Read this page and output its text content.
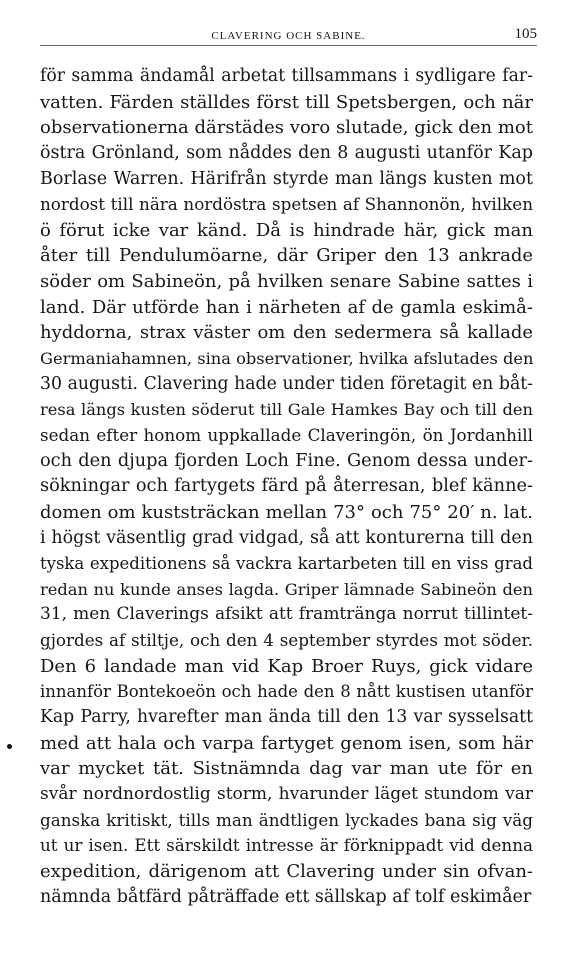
CLAVERING OCH SABINE.	105
för samma ändamål arbetat tillsammans i sydligare far-
vatten. Färden ställdes först till Spetsbergen, och när
observationerna därstädes voro slutade, gick den mot
östra Grönland, som nåddes den 8 augusti utanför Kap
Borlase Warren. Härifrån styrde man längs kusten mot
nordost till nära nordöstra spetsen af Shannonön, hvilken
ö förut icke var känd. Då is hindrade här, gick man
åter till Pendulumöarne, där Griper den 13 ankrade
söder om Sabineön, på hvilken senare Sabine sattes i
land. Där utförde han i närheten af de gamla eskimå-
hyddorna, strax väster om den sedermera så kallade
Germaniahamnen, sina observationer, hvilka afslutades den
30 augusti. Clavering hade under tiden företagit en båt-
resa längs kusten söderut till Gale Hamkes Bay och till den
sedan efter honom uppkallade Claveringön, ön Jordanhill
och den djupa fjorden Loch Fine. Genom dessa under-
sökningar och fartygets färd på återresan, blef känne-
domen om kuststräckan mellan 73° och 75° 20′ n. lat.
i högst väsentlig grad vidgad, så att konturerna till den
tyska expeditionens så vackra kartarbeten till en viss grad
redan nu kunde anses lagda. Griper lämnade Sabineön den
31, men Claverings afsikt att framtränga norrut tillintet-
gjordes af stiltje, och den 4 september styrdes mot söder.
Den 6 landade man vid Kap Broer Ruys, gick vidare
innanför Bontekoeön och hade den 8 nått kustisen utanför
Kap Parry, hvarefter man ända till den 13 var sysselsatt
med att hala och varpa fartyget genom isen, som här
var mycket tät. Sistnämnda dag var man ute för en
svår nordnordostlig storm, hvarunder läget stundom var
ganska kritiskt, tills man ändtligen lyckades bana sig väg
ut ur isen. Ett särskildt intresse är förknippadt vid denna
expedition, därigenom att Clavering under sin ofvan-
nämnda båtfärd påträffade ett sällskap af tolf eskimåer
